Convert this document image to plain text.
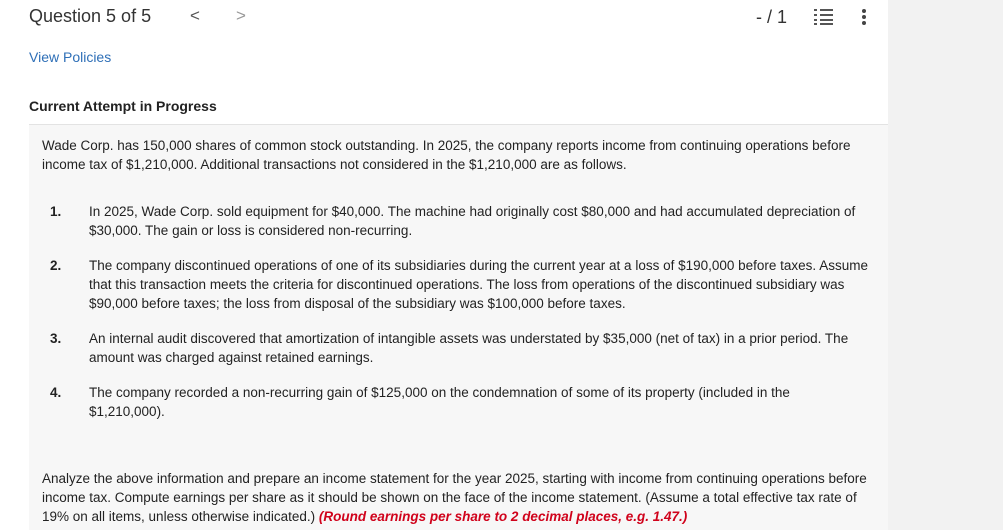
Question 5 of 5 < >	- / 1
View Policies
Current Attempt in Progress
Wade Corp. has 150,000 shares of common stock outstanding. In 2025, the company reports income from continuing operations before income tax of $1,210,000. Additional transactions not considered in the $1,210,000 are as follows.
1. In 2025, Wade Corp. sold equipment for $40,000. The machine had originally cost $80,000 and had accumulated depreciation of $30,000. The gain or loss is considered non-recurring.
2. The company discontinued operations of one of its subsidiaries during the current year at a loss of $190,000 before taxes. Assume that this transaction meets the criteria for discontinued operations. The loss from operations of the discontinued subsidiary was $90,000 before taxes; the loss from disposal of the subsidiary was $100,000 before taxes.
3. An internal audit discovered that amortization of intangible assets was understated by $35,000 (net of tax) in a prior period. The amount was charged against retained earnings.
4. The company recorded a non-recurring gain of $125,000 on the condemnation of some of its property (included in the $1,210,000).
Analyze the above information and prepare an income statement for the year 2025, starting with income from continuing operations before income tax. Compute earnings per share as it should be shown on the face of the income statement. (Assume a total effective tax rate of 19% on all items, unless otherwise indicated.) (Round earnings per share to 2 decimal places, e.g. 1.47.)
